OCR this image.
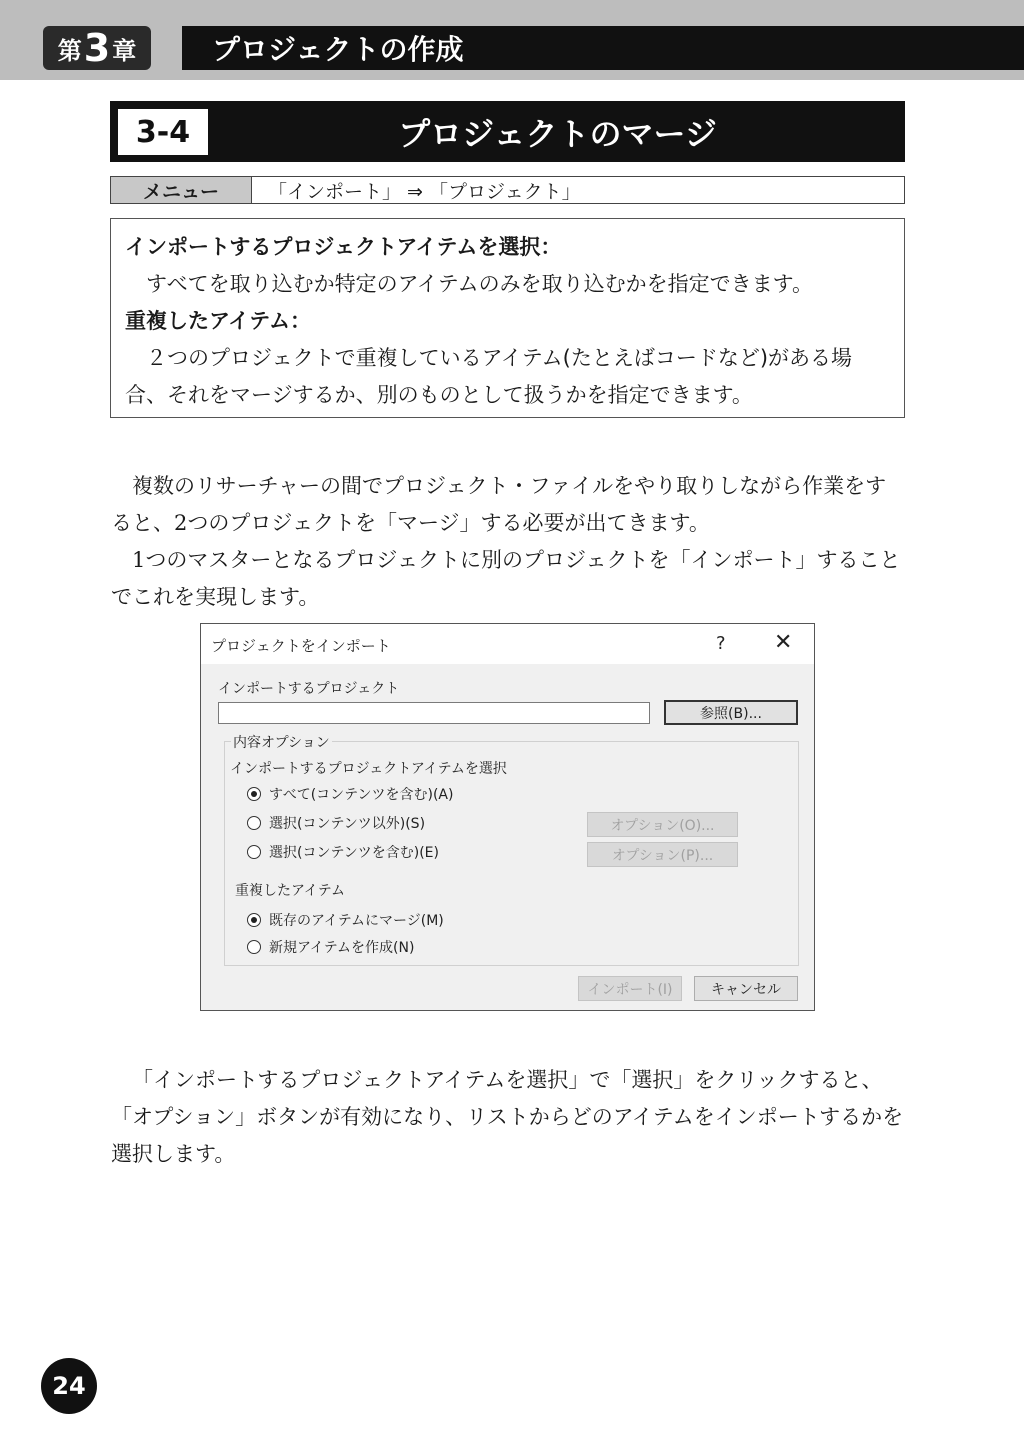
第 3 章	プロジェクトの作成
3-4	プロジェクトのマージ
メニュー	「インポート」 ⇒ 「プロジェクト」

インポートするプロジェクトアイテムを選択：

すべてを取り込むか特定のアイテムのみを取り込むかを指定できます。

重複したアイテム：

２つのプロジェクトで重複しているアイテム(たとえばコードなど)がある場合、それをマージするか、別のものとして扱うかを指定できます。

複数のリサーチャーの間でプロジェクト・ファイルをやり取りしながら作業をすると、2つのプロジェクトを「マージ」する必要が出てきます。

1つのマスターとなるプロジェクトに別のプロジェクトを「インポート」することでこれを実現します。

プロジェクトをインポート	? ✕
インポートするプロジェクト
参照(B)...
内容オプション
インポートするプロジェクトアイテムを選択
すべて(コンテンツを含む)(A)
選択(コンテンツ以外)(S)
選択(コンテンツを含む)(E)
オプション(O)...
オプション(P)...
重複したアイテム
既存のアイテムにマージ(M)
新規アイテムを作成(N)
インポート(I)	キャンセル

「インポートするプロジェクトアイテムを選択」で「選択」をクリックすると、「オプション」ボタンが有効になり、リストからどのアイテムをインポートするかを選択します。

24
